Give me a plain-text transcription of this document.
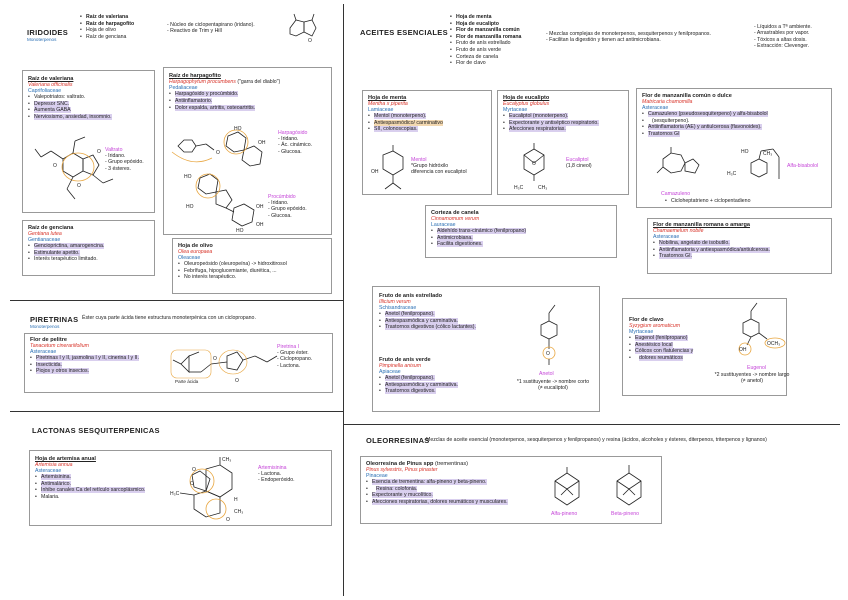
IRIDOIDES
Monoterpenos
• Raíz de valeriana
• Raíz de harpagofito
• Hoja de olivo
• Raíz de genciana
- Núcleo de ciclopentapirano (iridano).
- Reactivo de Trim y Hill
O
Raíz de valeriana
Valeriana officinalis
Caprifoliaceae
• Valepotriatos: valtrato.
• Depresor SNC.
• Aumenta GABA
• Nerviosismo, ansiedad, insomnio.
O
O
O Valtrato
- Iridano.
- Grupo epóxido.
- 3 ésteres.
Raíz de harpagofito
Harpagophytum procumbens ("garra del diablo")
Pedaliaceae
• Harpagósido y procúmbido.
• Antiinflamatorio.
• Dolor espalda, artritis, osteoartritis.
O
HO
OH
HO
HO	OH
OH
HO
Harpagósido
- Iridano.
- Ác. cinámico.
- Glucosa.
Procúmbido
- Iridano.
- Grupo epóxido.
- Glucosa.
Raíz de genciana
Gentiana lutea
Gentianaceae
• Gencioprictina, amarogencina.
• Estimulante apetito.
• Interés terapéutico limitado.
Hoja de olivo
Olea europaea
Oleaceae
• Oleuropeósido (oleuropeína) -> hidroxitirosol
• Febrífuga, hipoglucemiante, diurética, ...
• No interés terapéutico.
PIRETRINAS
Monoterpenos
Éster cuya parte ácida tiene estructura monoterpénica con un ciclopropano.
Flor de pelitre
Tanacetum cinerariifolium
Asteraceae
• Piretrinas I y II, jasmolina I y II, cinerina I y II.
• Insecticida.
• Piojos y otros insectos.
O
O
Parte ácida
Piretrina I
- Grupo éster.
- Ciclopropano.
- Lactona.
LACTONAS SESQUITERPENICAS
Hoja de artemisa anual
Artemisia annua
Asteraceae
• Artemisinina.
• Antimalárico.
• Inhibe canales Ca del retículo sarcoplásmico.
• Malaria.
CH₃
H₃C
O
O
H
O
CH₃
Artemisinina
- Lactona.
- Endoperóxido.
ACEITES ESENCIALES
• Hoja de menta
• Hoja de eucalipto
• Flor de manzanilla común
• Flor de manzanilla romana
• Fruto de anís estrellado
• Fruto de anís verde
• Corteza de canela
• Flor de clavo
- Mezclas complejas de monoterpenos, sesquiterpenos y fenilpropanos.
- Facilitan la digestión y tienen act antimicrobiana.
- Líquidos a Tª ambiente.
- Arrastrables por vapor.
- Tóxicos a altas dosis.
- Extracción: Clevenger.
Hoja de menta
Mentha x piperita
Lamiaceae
• Mentol (monoterpeno).
• Antiespasmódico/ carminativo
• SII, colonoscopias.
OH
Mentol
*Grupo hidróxilo
diferencia con eucaliptol
Hoja de eucalipto
Eucalyptus globulus
Myrtaceae
• Eucaliptol (monoterpeno).
• Expectorante y antiséptico respiratorio.
• Afecciones respiratorias.
O
H₃C	CH₃
Eucaliptol
(1,8 cineol)
Flor de manzanilla común o dulce
Matricaria chamomilla
Asteraceae
• Camazuleno (pseudosesquiterpeno) y alfa-bisabolol
• (sesquiterpeno).
• Antiinflamatoria (AE) y antiulcerosa (flavonoides).
• Trastornos GI
HO	CH₃
H₃C
Alfa-bisabolol
Camazuleno
• Cicloheptatrieno + ciclopentadieno
Corteza de canela
Cinnamomum verum
Lauraceae
• Aldehído trans-cinámico (fenilpropano)
• Antimicrobiana.
• Facilita digestiones.
Flor de manzanilla romana o amarga
Chamaemelum nobile
Asteraceae
• Nobilina, angelato de isobutilo.
• Antiinflamatoria y antiespasmódica/antiulcerosa.
• Trastornos GI.
Fruto de anís estrellado
Illicium verum
Schisandraceae
• Anetol (fenilpropano).
• Antiespasmódica y carminativa.
• Trastornos digestivos (cólico lactantes).
Fruto de anís verde
Pimpinella anisum
Apiaceae
• Anetol (fenilpropano).
• Antiespasmódica y carminativa.
• Trastornos digestivos.
O
Anetol
*1 sustituyente -> nombre corto
(≠ eucaliptol)
Flor de clavo
Syzygium aromaticum
Myrtaceae
• Eugenol (fenilpropano)
• Anestésico local
• Cólicos con flatulencias y
• dolores reumáticos
OH
OCH₃
Eugenol
*2 sustituyentes -> nombre largo
(≠ anetol)
OLEORRESINAS
Mezclas de aceite esencial (monoterpenos, sesquiterpenos y fenilpropanos) y resina (ácidos, alcoholes y ésteres, diterpenos, triterpenos y lignanos)
Oleorresina de Pinus spp (trementinas)
Pinus sylvestris, Pinus pinaster
Pinaceae
• Esencia de trementina: alfa-pineno y beta-pineno.
• Resina: colofonia.
• Expectorante y mucolítico.
• Afecciones respiratorias, dolores reumáticos y musculares.
Alfa-pineno	Beta-pineno
